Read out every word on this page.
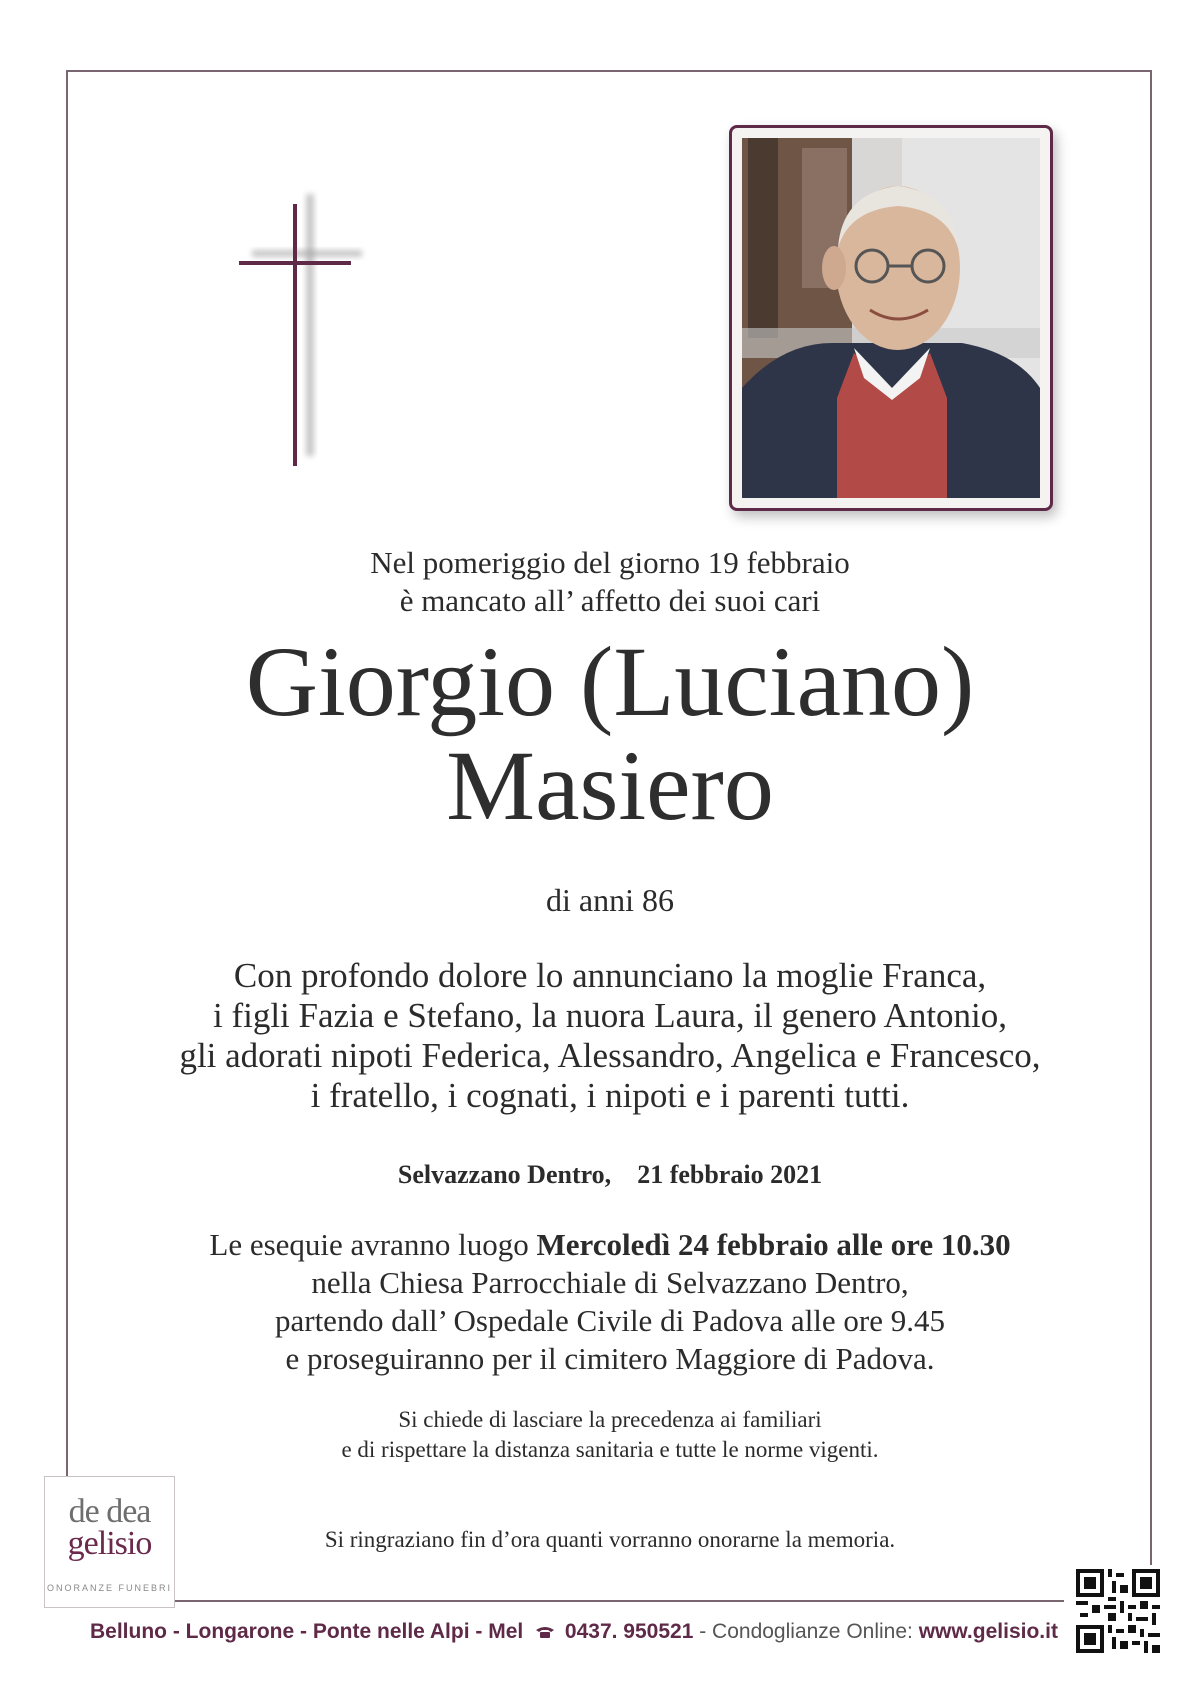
Nel pomeriggio del giorno 19 febbraio
è mancato all’ affetto dei suoi cari
Giorgio (Luciano)
Masiero
di anni 86
Con profondo dolore lo annunciano la moglie Franca,
i figli Fazia e Stefano, la nuora Laura, il genero Antonio,
gli adorati nipoti Federica, Alessandro, Angelica e Francesco,
i fratello, i cognati, i nipoti e i parenti tutti.
Selvazzano Dentro, 21 febbraio 2021
Le esequie avranno luogo Mercoledì 24 febbraio alle ore 10.30
nella Chiesa Parrocchiale di Selvazzano Dentro,
partendo dall’ Ospedale Civile di Padova alle ore 9.45
e proseguiranno per il cimitero Maggiore di Padova.
Si chiede di lasciare la precedenza ai familiari
e di rispettare la distanza sanitaria e tutte le norme vigenti.
Si ringraziano fin d’ora quanti vorranno onorarne la memoria.
de dea
gelisio
ONORANZE FUNEBRI
Belluno - Longarone - Ponte nelle Alpi - Mel 0437. 950521 - Condoglianze Online: www.gelisio.it
